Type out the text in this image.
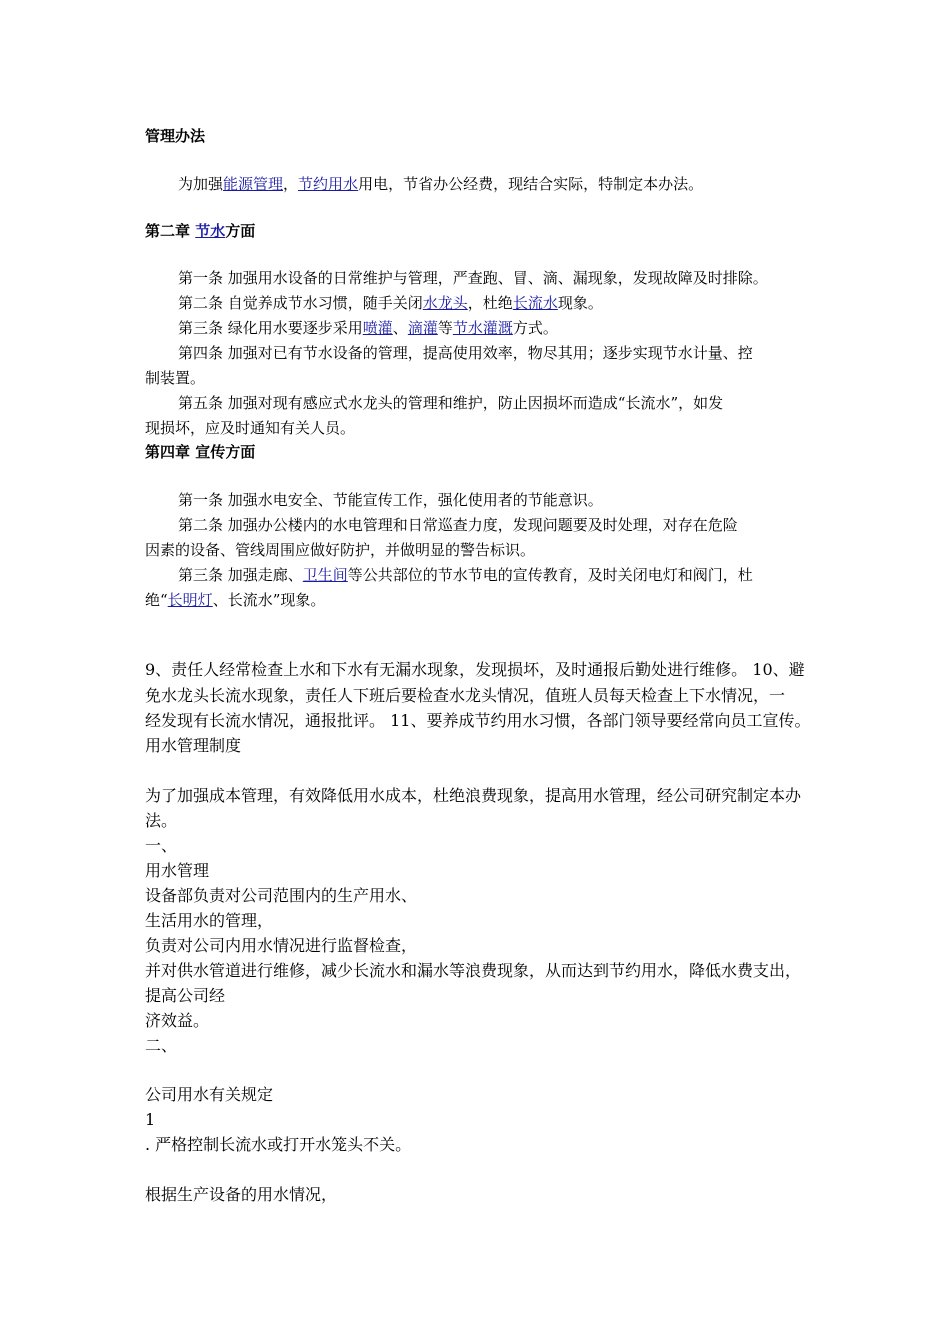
管理办法
为加强能源管理，节约用水用电，节省办公经费，现结合实际，特制定本办法。
第二章 节水方面
第一条 加强用水设备的日常维护与管理，严查跑、冒、滴、漏现象，发现故障及时排除。
第二条 自觉养成节水习惯，随手关闭水龙头，杜绝长流水现象。
第三条 绿化用水要逐步采用喷灌、滴灌等节水灌溉方式。
第四条 加强对已有节水设备的管理，提高使用效率，物尽其用；逐步实现节水计量、控
制装置。
第五条 加强对现有感应式水龙头的管理和维护，防止因损坏而造成“长流水”，如发
现损坏，应及时通知有关人员。
第四章 宣传方面
第一条 加强水电安全、节能宣传工作，强化使用者的节能意识。
第二条 加强办公楼内的水电管理和日常巡查力度，发现问题要及时处理，对存在危险
因素的设备、管线周围应做好防护，并做明显的警告标识。
第三条 加强走廊、卫生间等公共部位的节水节电的宣传教育，及时关闭电灯和阀门，杜
绝“长明灯、长流水”现象。
9、责任人经常检查上水和下水有无漏水现象，发现损坏，及时通报后勤处进行维修。 10、避
免水龙头长流水现象，责任人下班后要检查水龙头情况，值班人员每天检查上下水情况，一
经发现有长流水情况，通报批评。 11、要养成节约用水习惯，各部门领导要经常向员工宣传。
用水管理制度
为了加强成本管理，有效降低用水成本，杜绝浪费现象，提高用水管理，经公司研究制定本办
法。
一、
用水管理
设备部负责对公司范围内的生产用水、
生活用水的管理，
负责对公司内用水情况进行监督检查，
并对供水管道进行维修，减少长流水和漏水等浪费现象，从而达到节约用水，降低水费支出，
提高公司经
济效益。
二、
公司用水有关规定
1
. 严格控制长流水或打开水笼头不关。
根据生产设备的用水情况，
